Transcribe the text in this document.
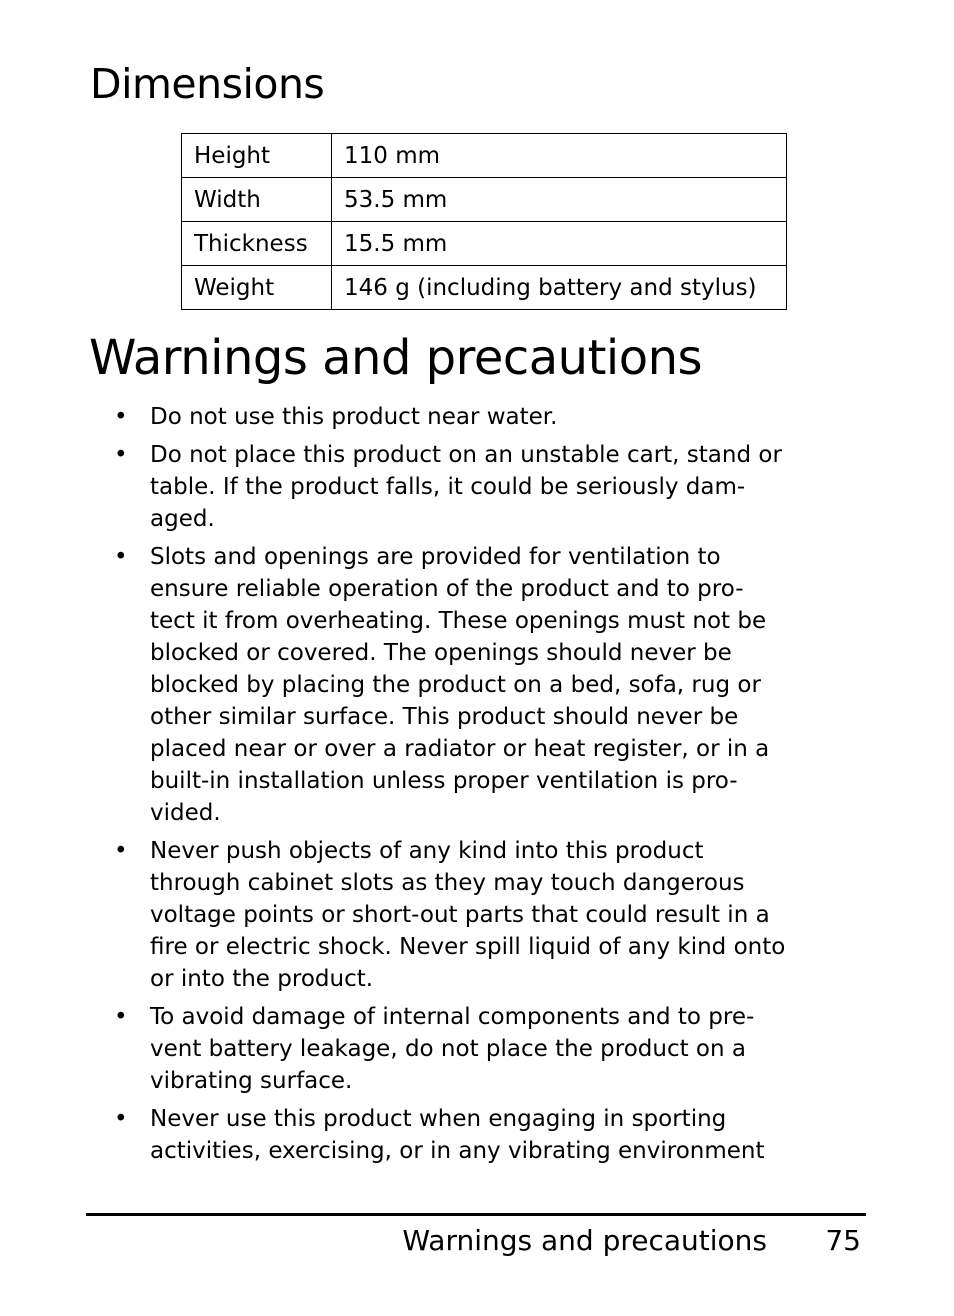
Dimensions
Height	110 mm
Width	53.5 mm
Thickness	15.5 mm
Weight	146 g (including battery and stylus)
Warnings and precautions
• Do not use this product near water.
• Do not place this product on an unstable cart, stand or
table. If the product falls, it could be seriously dam-
aged.
• Slots and openings are provided for ventilation to
ensure reliable operation of the product and to pro-
tect it from overheating. These openings must not be
blocked or covered. The openings should never be
blocked by placing the product on a bed, sofa, rug or
other similar surface. This product should never be
placed near or over a radiator or heat register, or in a
built-in installation unless proper ventilation is pro-
vided.
• Never push objects of any kind into this product
through cabinet slots as they may touch dangerous
voltage points or short-out parts that could result in a
fire or electric shock. Never spill liquid of any kind onto
or into the product.
• To avoid damage of internal components and to pre-
vent battery leakage, do not place the product on a
vibrating surface.
• Never use this product when engaging in sporting
activities, exercising, or in any vibrating environment
Warnings and precautions 75
